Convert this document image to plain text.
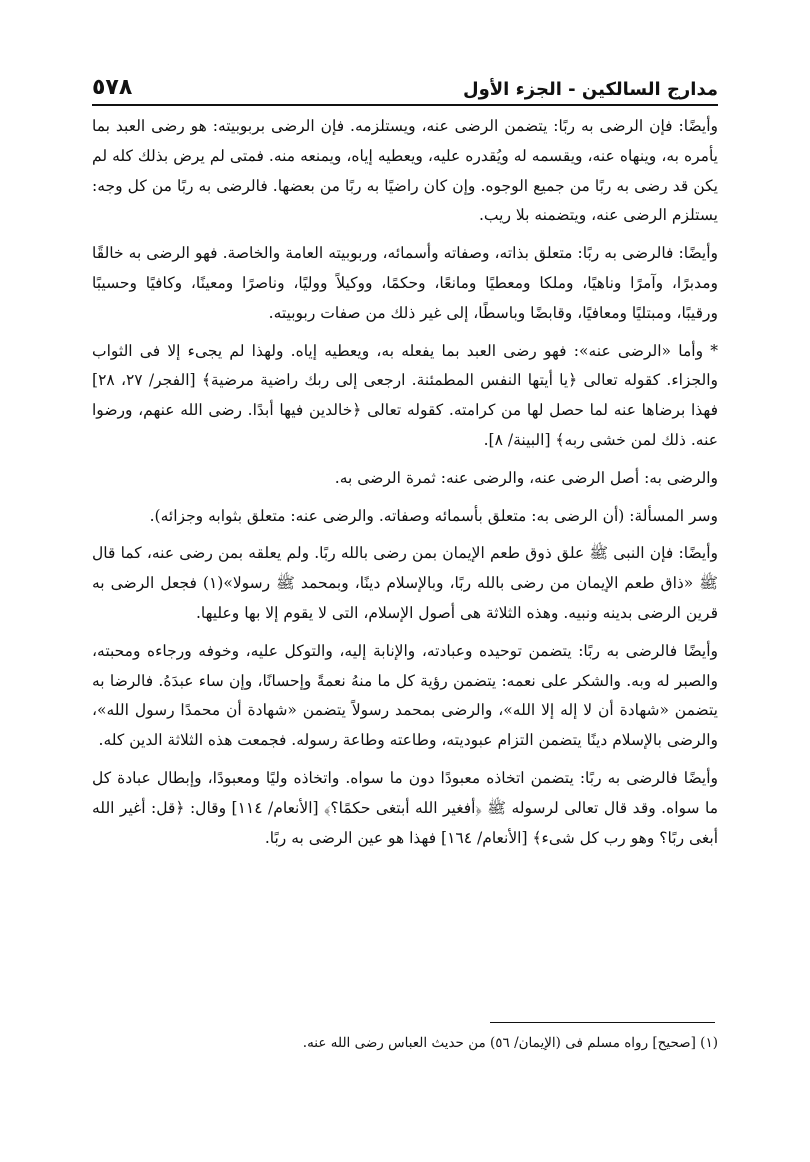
مدارج السالكين - الجزء الأول
٥٧٨

وأيضًا: فإن الرضى به ربًا: يتضمن الرضى عنه، ويستلزمه. فإن الرضى بربوبيته: هو رضى العبد بما يأمره به، وينهاه عنه، ويقسمه له ويُقدره عليه، ويعطيه إياه، ويمنعه منه. فمتى لم يرض بذلك كله لم يكن قد رضى به ربًا من جميع الوجوه. وإن كان راضيًا به ربًا من بعضها. فالرضى به ربًا من كل وجه: يستلزم الرضى عنه، ويتضمنه بلا ريب.

وأيضًا: فالرضى به ربًا: متعلق بذاته، وصفاته وأسمائه، وربوبيته العامة والخاصة. فهو الرضى به خالقًا ومدبرًا، وآمرًا وناهيًا، وملكا ومعطيًا ومانعًا، وحكمًا، ووكيلاً ووليًا، وناصرًا ومعينًا، وكافيًا وحسيبًا ورقيبًا، ومبتليًا ومعافيًا، وقابضًا وباسطًا، إلى غير ذلك من صفات ربوبيته.

* وأما «الرضى عنه»: فهو رضى العبد بما يفعله به، ويعطيه إياه. ولهذا لم يجىء إلا فى الثواب والجزاء. كقوله تعالى ﴿يا أيتها النفس المطمئنة. ارجعى إلى ربك راضية مرضية﴾ [الفجر/ ٢٧، ٢٨] فهذا برضاها عنه لما حصل لها من كرامته. كقوله تعالى ﴿خالدين فيها أبدًا. رضى الله عنهم، ورضوا عنه. ذلك لمن خشى ربه﴾ [البينة/ ٨].

والرضى به: أصل الرضى عنه، والرضى عنه: ثمرة الرضى به.

وسر المسألة: (أن الرضى به: متعلق بأسمائه وصفاته. والرضى عنه: متعلق بثوابه وجزائه).

وأيضًا: فإن النبى ﷺ علق ذوق طعم الإيمان بمن رضى بالله ربًا. ولم يعلقه بمن رضى عنه، كما قال ﷺ «ذاق طعم الإيمان من رضى بالله ربًا، وبالإسلام دينًا، وبمحمد ﷺ رسولا»(١) فجعل الرضى به قرين الرضى بدينه ونبيه. وهذه الثلاثة هى أصول الإسلام، التى لا يقوم إلا بها وعليها.

وأيضًا فالرضى به ربًا: يتضمن توحيده وعبادته، والإنابة إليه، والتوكل عليه، وخوفه ورجاءه ومحبته، والصبر له وبه. والشكر على نعمه: يتضمن رؤية كل ما منهُ نعمةً وإحسانًا، وإن ساء عبدَهُ. فالرضا به يتضمن «شهادة أن لا إله إلا الله»، والرضى بمحمد رسولاً يتضمن «شهادة أن محمدًا رسول الله»، والرضى بالإسلام دينًا يتضمن التزام عبوديته، وطاعته وطاعة رسوله. فجمعت هذه الثلاثة الدين كله.

وأيضًا فالرضى به ربًا: يتضمن اتخاذه معبودًا دون ما سواه. واتخاذه وليًا ومعبودًا، وإبطال عبادة كل ما سواه. وقد قال تعالى لرسوله ﷺ ﴿أفغير الله أبتغى حكمًا؟﴾ [الأنعام/ ١١٤] وقال: ﴿قل: أغير الله أبغى ربًا؟ وهو رب كل شىء﴾ [الأنعام/ ١٦٤] فهذا هو عين الرضى به ربًا.

(١) [صحيح] رواه مسلم فى (الإيمان/ ٥٦) من حديث العباس رضى الله عنه.
